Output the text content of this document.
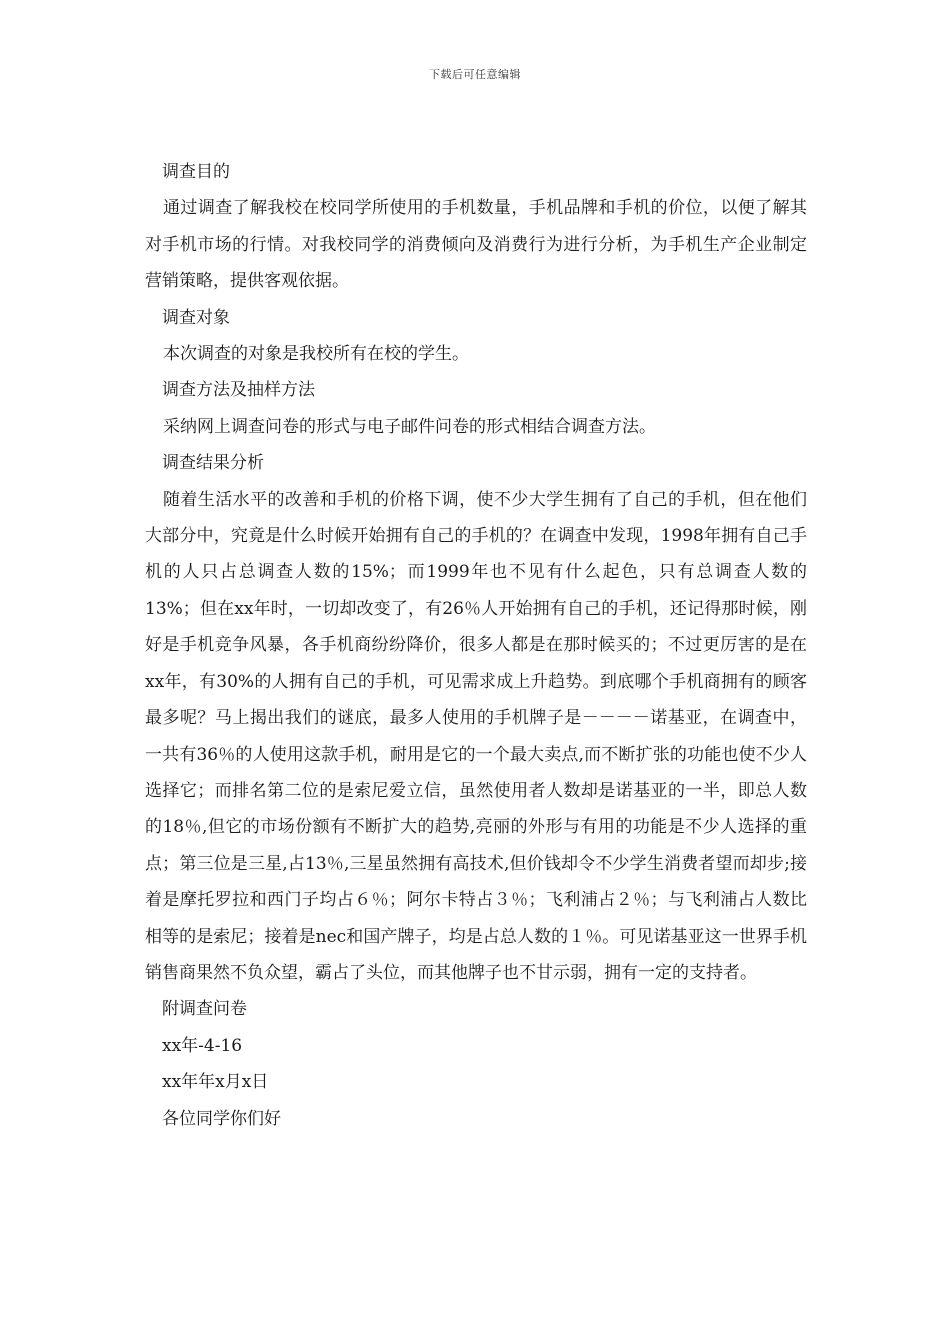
下载后可任意编辑

调查目的

通过调查了解我校在校同学所使用的手机数量，手机品牌和手机的价位，以便了解其对手机市场的行情。对我校同学的消费倾向及消费行为进行分析，为手机生产企业制定营销策略，提供客观依据。

调查对象

本次调查的对象是我校所有在校的学生。

调查方法及抽样方法

采纳网上调查问卷的形式与电子邮件问卷的形式相结合调查方法。

调查结果分析

随着生活水平的改善和手机的价格下调，使不少大学生拥有了自己的手机，但在他们大部分中，究竟是什么时候开始拥有自己的手机的？在调查中发现，1998年拥有自己手机的人只占总调查人数的15%；而1999年也不见有什么起色，只有总调查人数的13%；但在xx年时，一切却改变了，有26％人开始拥有自己的手机，还记得那时候，刚好是手机竞争风暴，各手机商纷纷降价，很多人都是在那时候买的；不过更厉害的是在xx年，有30%的人拥有自己的手机，可见需求成上升趋势。到底哪个手机商拥有的顾客最多呢？马上揭出我们的谜底，最多人使用的手机牌子是－－－－诺基亚，在调查中，一共有36％的人使用这款手机，耐用是它的一个最大卖点,而不断扩张的功能也使不少人选择它；而排名第二位的是索尼爱立信，虽然使用者人数却是诺基亚的一半，即总人数的18％,但它的市场份额有不断扩大的趋势,亮丽的外形与有用的功能是不少人选择的重点；第三位是三星,占13％,三星虽然拥有高技术,但价钱却令不少学生消费者望而却步;接着是摩托罗拉和西门子均占６％；阿尔卡特占３％；飞利浦占２％；与飞利浦占人数比相等的是索尼；接着是nec和国产牌子，均是占总人数的１％。可见诺基亚这一世界手机销售商果然不负众望，霸占了头位，而其他牌子也不甘示弱，拥有一定的支持者。

附调查问卷

xx年-4-16

xx年年x月x日

各位同学你们好
